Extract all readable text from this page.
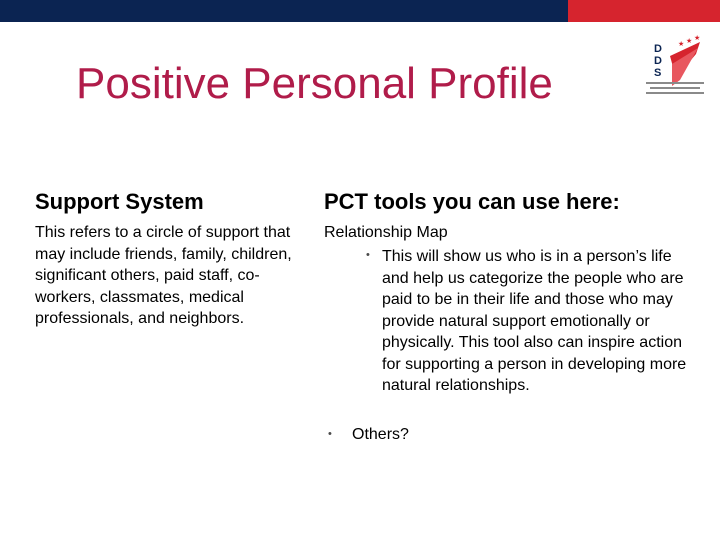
Positive Personal Profile
★ ★ ★
D
D
S
Support System
This refers to a circle of support that may include friends, family, children, significant others, paid staff, co-workers, classmates, medical professionals, and neighbors.
PCT tools you can use here:
Relationship Map
• This will show us who is in a person’s life and help us categorize the people who are paid to be in their life and those who may provide natural support emotionally or physically. This tool also can inspire action for supporting a person in developing more natural relationships.
• Others?
